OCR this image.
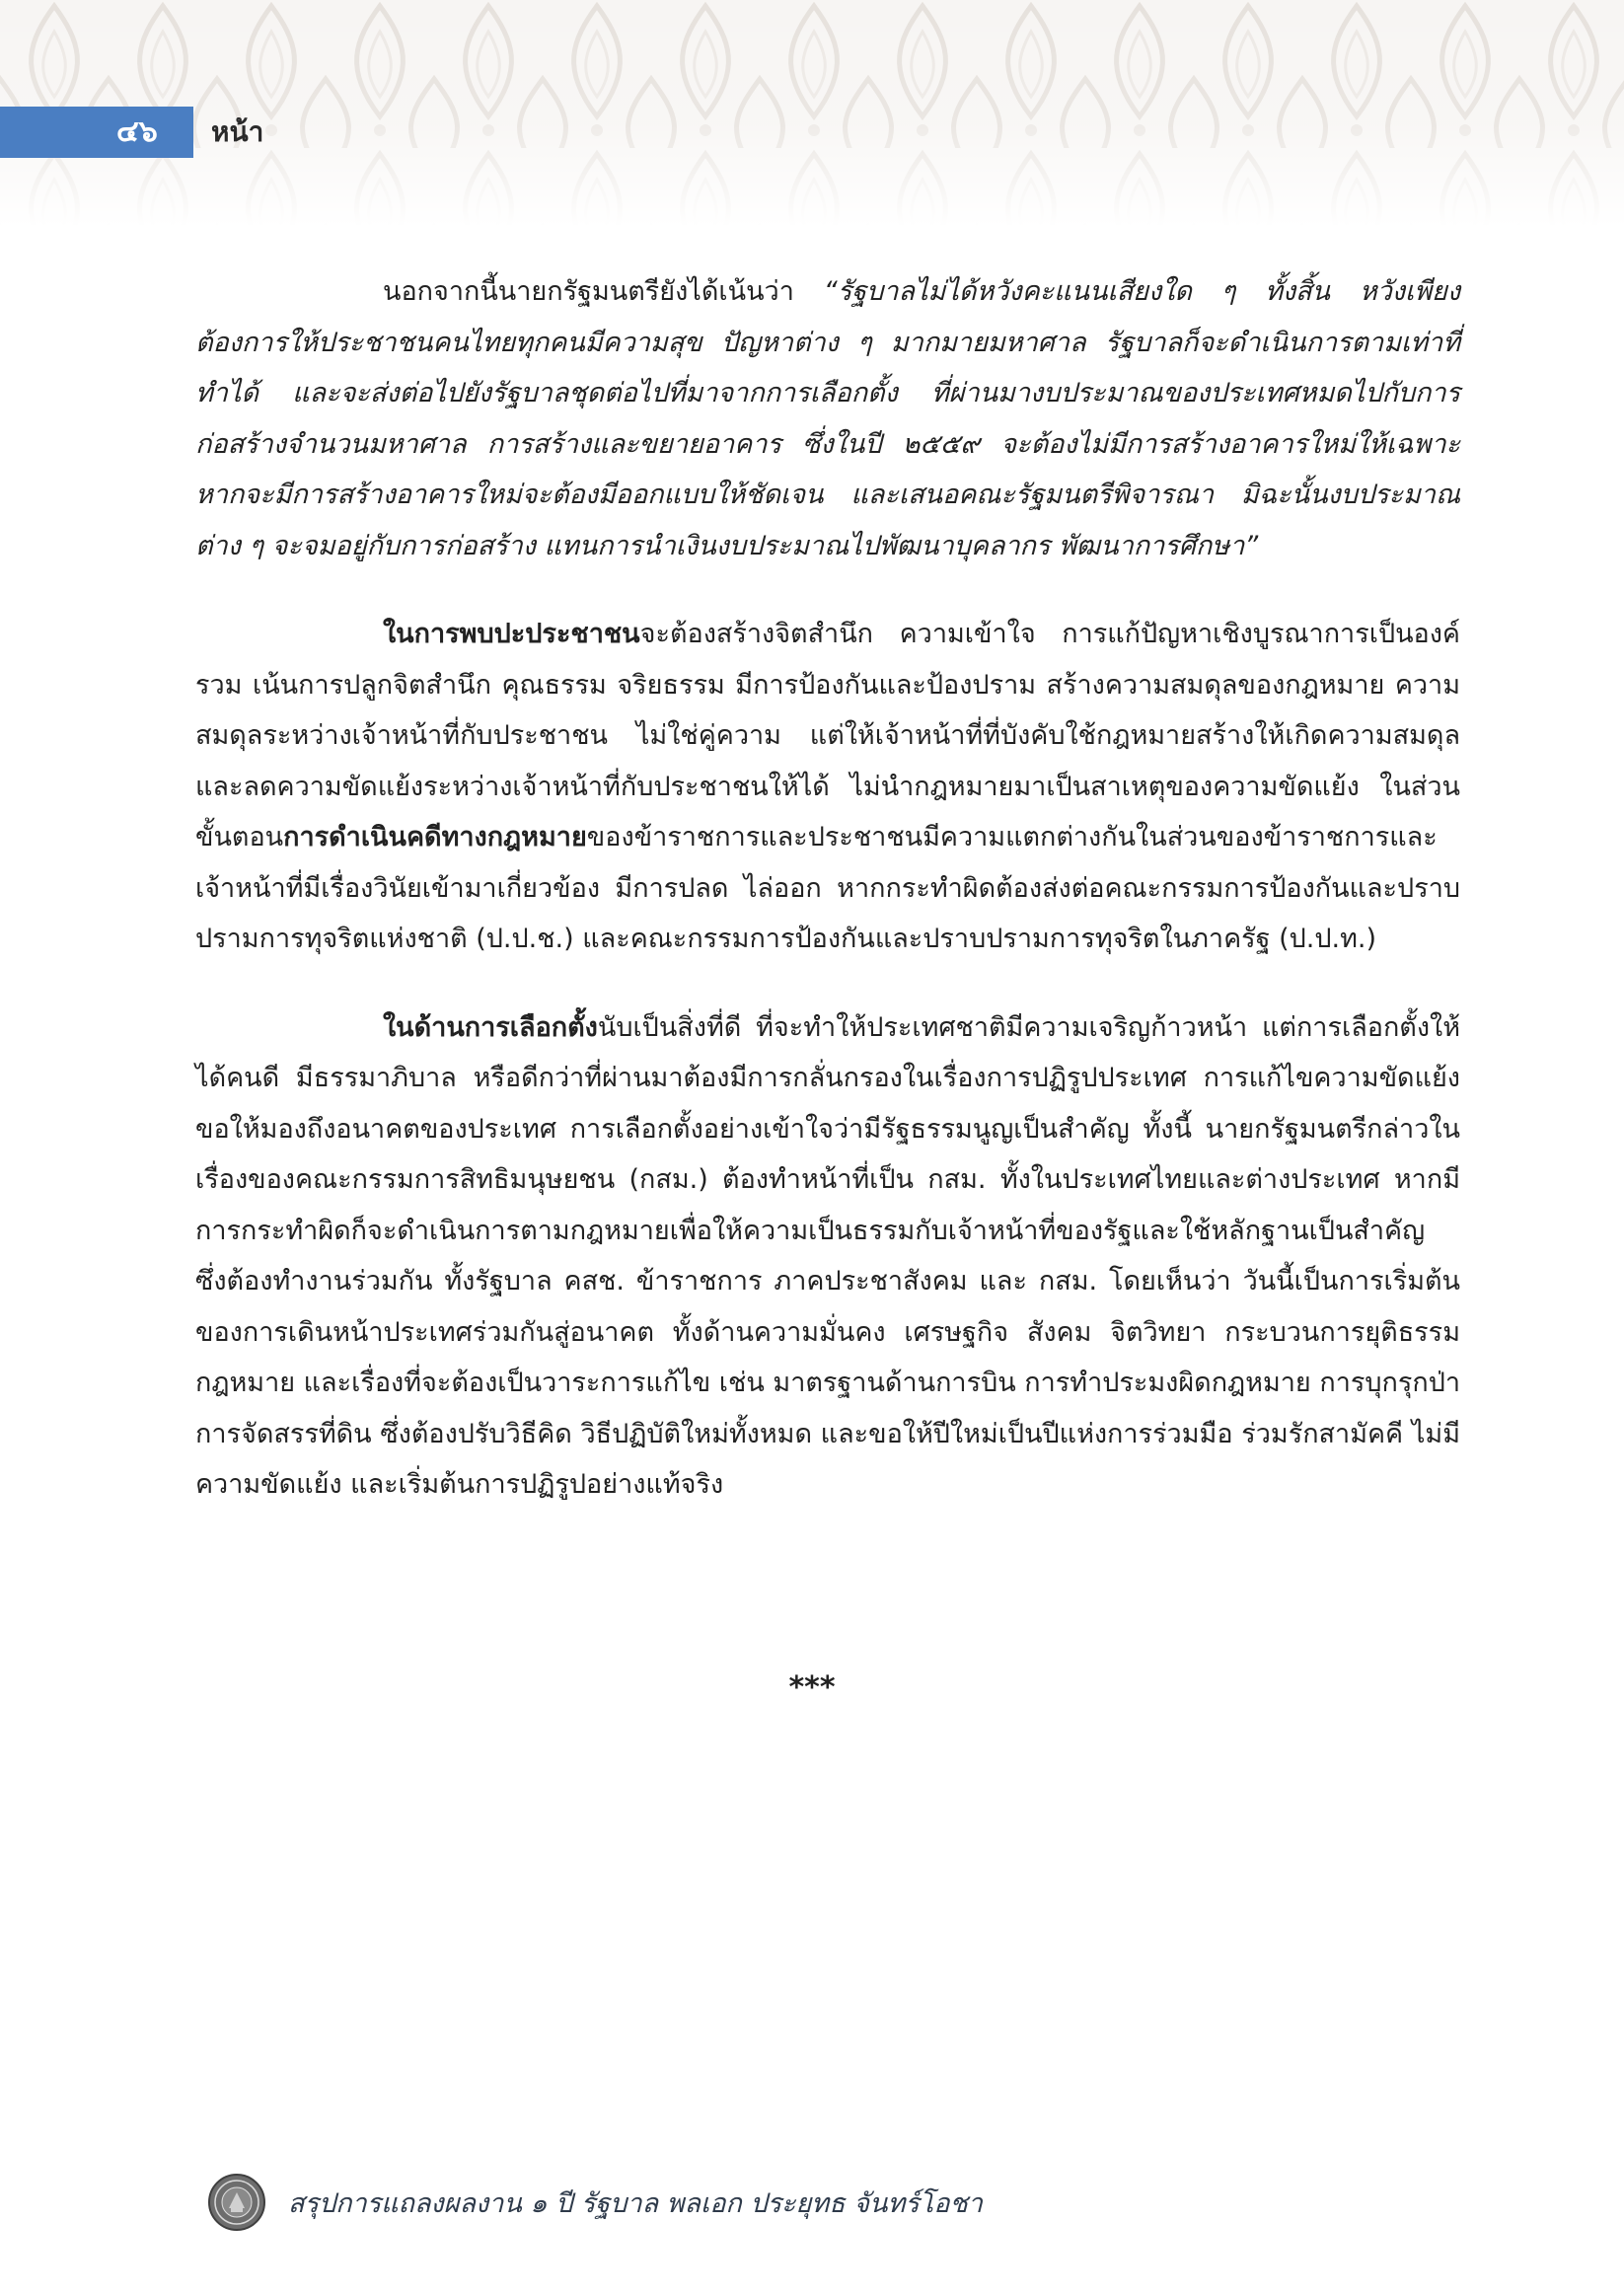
๔๖ หน้า

นอกจากนี้นายกรัฐมนตรียังได้เน้นว่า “รัฐบาลไม่ได้หวังคะแนนเสียงใด ๆ ทั้งสิ้น หวังเพียงต้องการให้ประชาชนคนไทยทุกคนมีความสุข ปัญหาต่าง ๆ มากมายมหาศาล รัฐบาลก็จะดำเนินการตามเท่าที่ทำได้ และจะส่งต่อไปยังรัฐบาลชุดต่อไปที่มาจากการเลือกตั้ง ที่ผ่านมางบประมาณของประเทศหมดไปกับการก่อสร้างจำนวนมหาศาล การสร้างและขยายอาคาร ซึ่งในปี ๒๕๕๙ จะต้องไม่มีการสร้างอาคารใหม่ให้เฉพาะ หากจะมีการสร้างอาคารใหม่จะต้องมีออกแบบให้ชัดเจน และเสนอคณะรัฐมนตรีพิจารณา มิฉะนั้นงบประมาณต่าง ๆ จะจมอยู่กับการก่อสร้าง แทนการนำเงินงบประมาณไปพัฒนาบุคลากร พัฒนาการศึกษา”

ในการพบปะประชาชนจะต้องสร้างจิตสำนึก ความเข้าใจ การแก้ปัญหาเชิงบูรณาการเป็นองค์รวม เน้นการปลูกจิตสำนึก คุณธรรม จริยธรรม มีการป้องกันและป้องปราม สร้างความสมดุลของกฎหมาย ความสมดุลระหว่างเจ้าหน้าที่กับประชาชน ไม่ใช่คู่ความ แต่ให้เจ้าหน้าที่ที่บังคับใช้กฎหมายสร้างให้เกิดความสมดุล และลดความขัดแย้งระหว่างเจ้าหน้าที่กับประชาชนให้ได้ ไม่นำกฎหมายมาเป็นสาเหตุของความขัดแย้ง ในส่วนขั้นตอนการดำเนินคดีทางกฎหมายของข้าราชการและประชาชนมีความแตกต่างกันในส่วนของข้าราชการและเจ้าหน้าที่มีเรื่องวินัยเข้ามาเกี่ยวข้อง มีการปลด ไล่ออก หากกระทำผิดต้องส่งต่อคณะกรรมการป้องกันและปราบปรามการทุจริตแห่งชาติ (ป.ป.ช.) และคณะกรรมการป้องกันและปราบปรามการทุจริตในภาครัฐ (ป.ป.ท.)

ในด้านการเลือกตั้งนับเป็นสิ่งที่ดี ที่จะทำให้ประเทศชาติมีความเจริญก้าวหน้า แต่การเลือกตั้งให้ได้คนดี มีธรรมาภิบาล หรือดีกว่าที่ผ่านมาต้องมีการกลั่นกรองในเรื่องการปฏิรูปประเทศ การแก้ไขความขัดแย้งขอให้มองถึงอนาคตของประเทศ การเลือกตั้งอย่างเข้าใจว่ามีรัฐธรรมนูญเป็นสำคัญ ทั้งนี้ นายกรัฐมนตรีกล่าวในเรื่องของคณะกรรมการสิทธิมนุษยชน (กสม.) ต้องทำหน้าที่เป็น กสม. ทั้งในประเทศไทยและต่างประเทศ หากมีการกระทำผิดก็จะดำเนินการตามกฎหมายเพื่อให้ความเป็นธรรมกับเจ้าหน้าที่ของรัฐและใช้หลักฐานเป็นสำคัญ ซึ่งต้องทำงานร่วมกัน ทั้งรัฐบาล คสช. ข้าราชการ ภาคประชาสังคม และ กสม. โดยเห็นว่า วันนี้เป็นการเริ่มต้นของการเดินหน้าประเทศร่วมกันสู่อนาคต ทั้งด้านความมั่นคง เศรษฐกิจ สังคม จิตวิทยา กระบวนการยุติธรรม กฎหมาย และเรื่องที่จะต้องเป็นวาระการแก้ไข เช่น มาตรฐานด้านการบิน การทำประมงผิดกฎหมาย การบุกรุกป่า การจัดสรรที่ดิน ซึ่งต้องปรับวิธีคิด วิธีปฏิบัติใหม่ทั้งหมด และขอให้ปีใหม่เป็นปีแห่งการร่วมมือ ร่วมรักสามัคคี ไม่มีความขัดแย้ง และเริ่มต้นการปฏิรูปอย่างแท้จริง

***
สรุปการแถลงผลงาน ๑ ปี รัฐบาล พลเอก ประยุทธ จันทร์โอชา
